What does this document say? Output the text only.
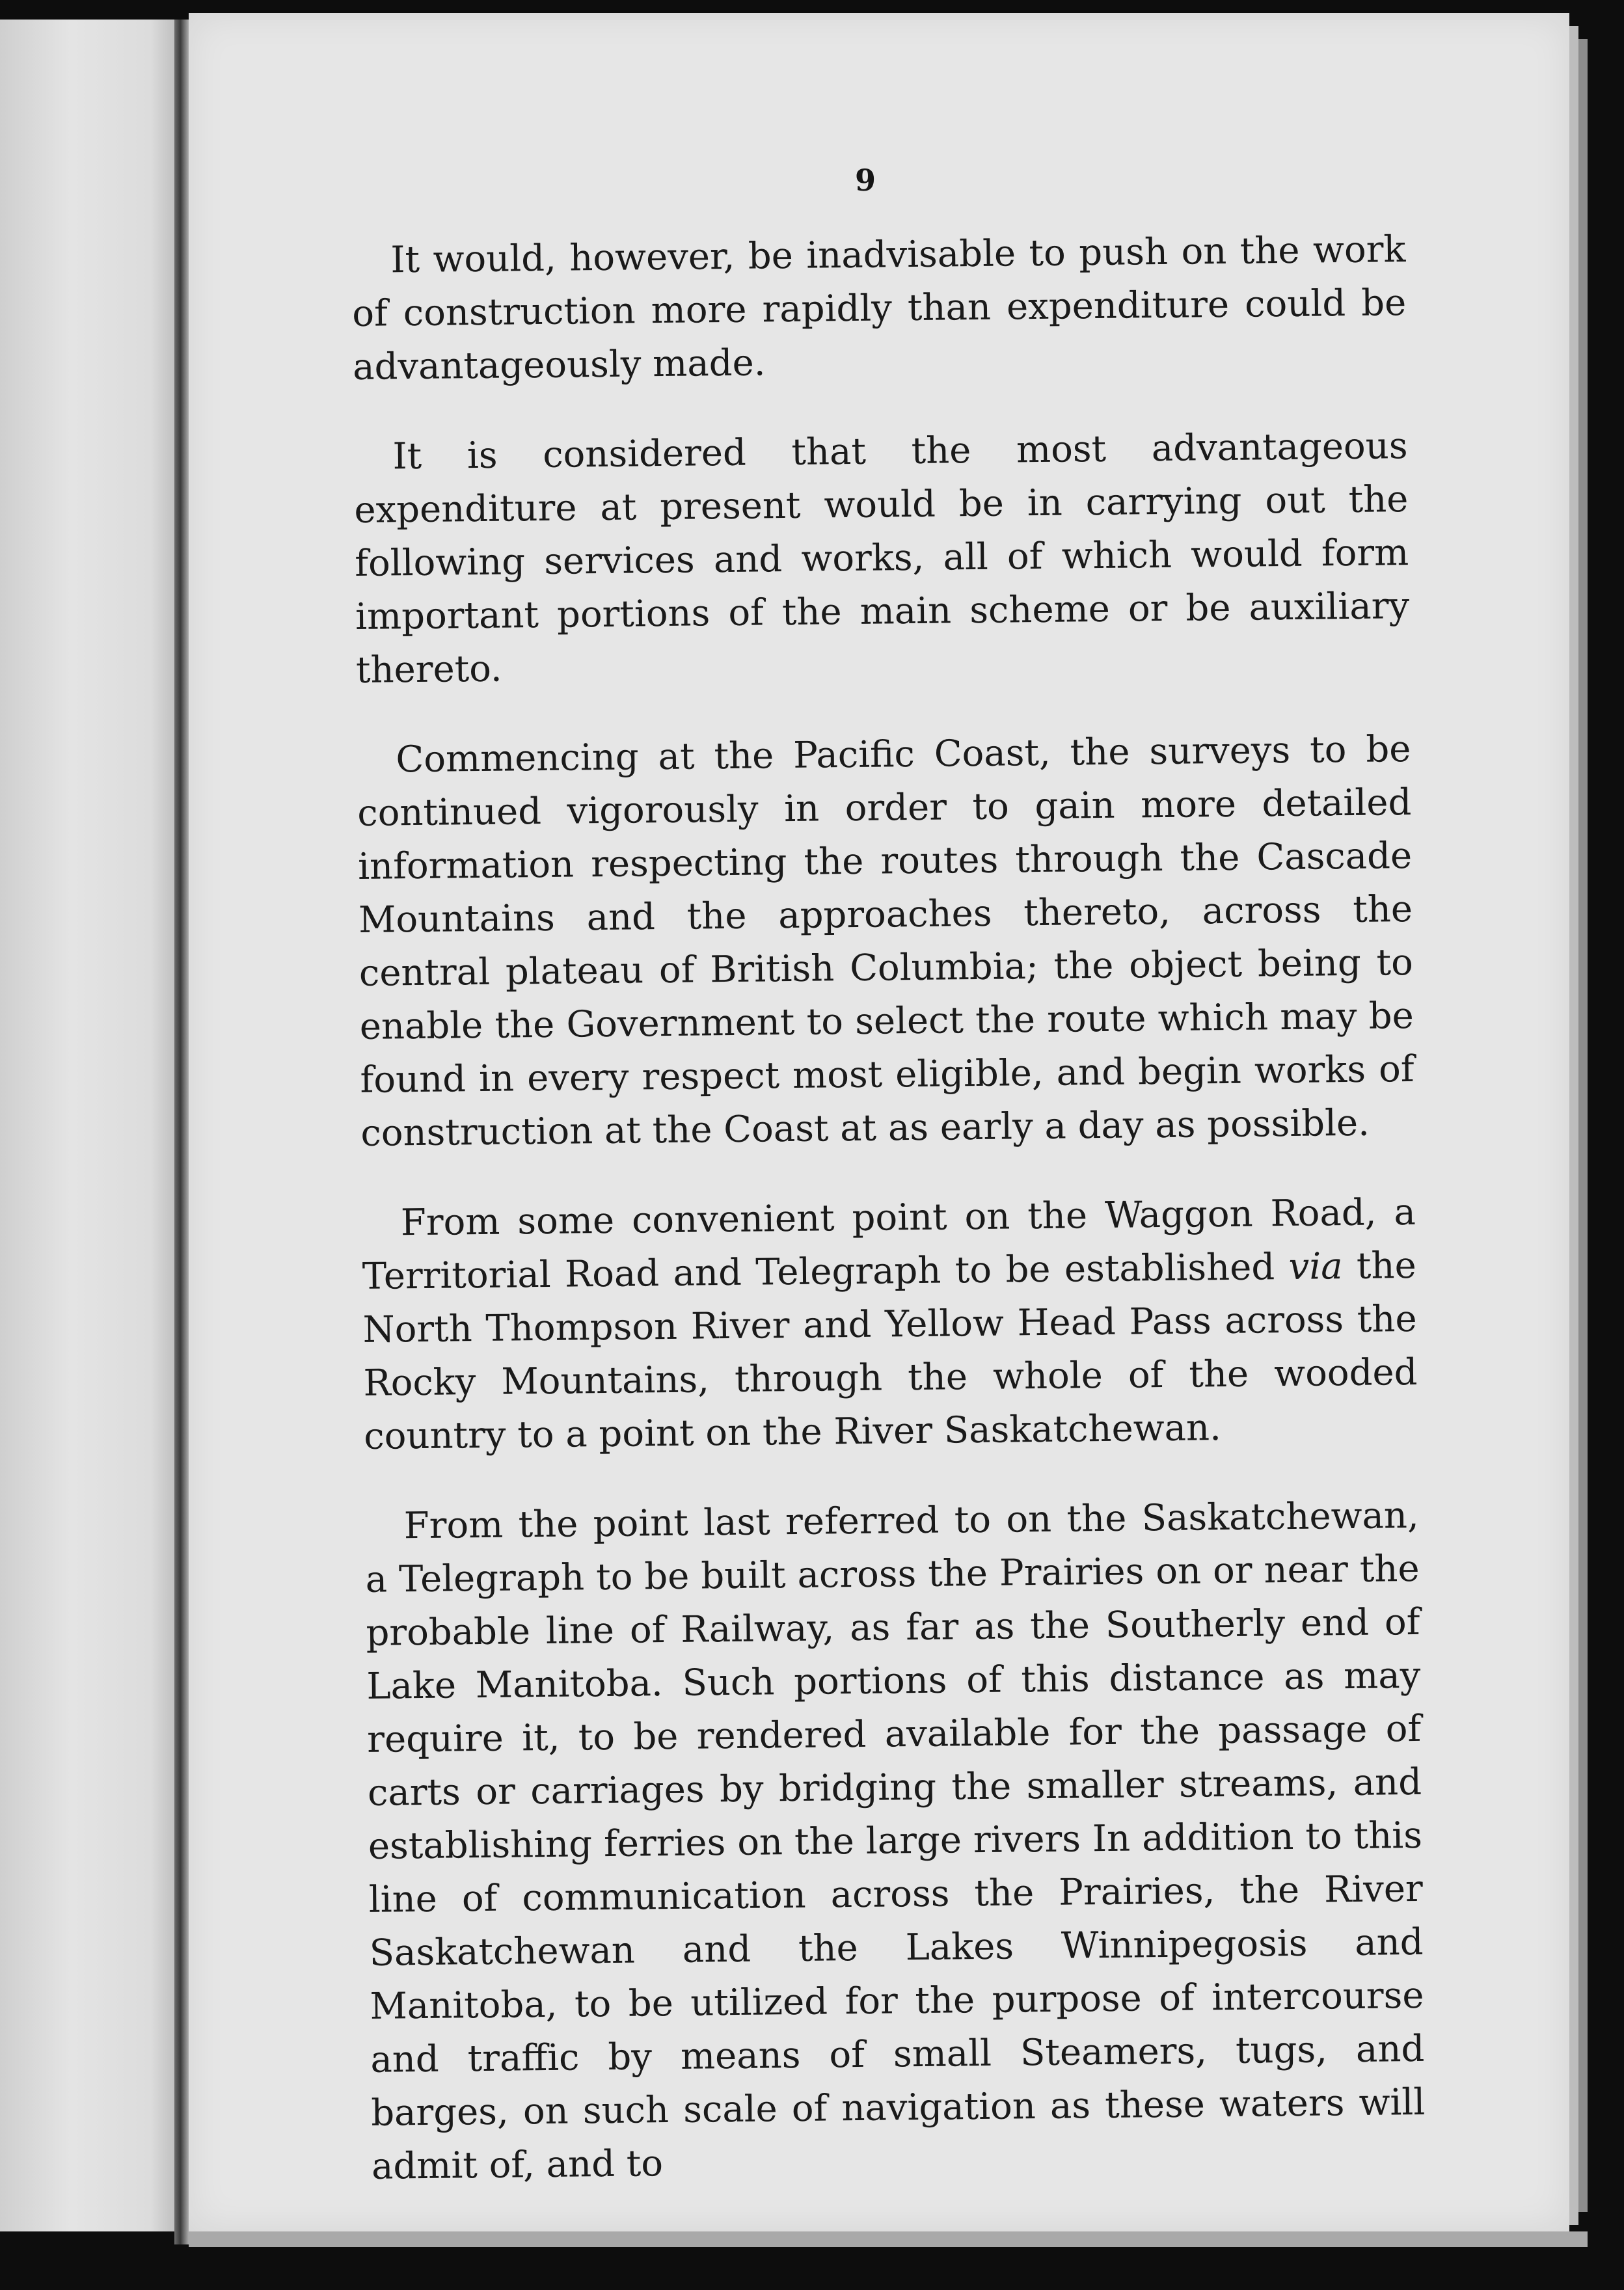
9

It would, however, be inadvisable to push on the work of construction more rapidly than expenditure could be advantageously made.

It is considered that the most advantageous expenditure at present would be in carrying out the following services and works, all of which would form important portions of the main scheme or be auxiliary thereto.

Commencing at the Pacific Coast, the surveys to be continued vigorously in order to gain more detailed information respecting the routes through the Cascade Mountains and the approaches thereto, across the central plateau of British Columbia; the object being to enable the Government to select the route which may be found in every respect most eligible, and begin works of construction at the Coast at as early a day as possible.

From some convenient point on the Waggon Road, a Territorial Road and Telegraph to be established via the North Thompson River and Yellow Head Pass across the Rocky Mountains, through the whole of the wooded country to a point on the River Saskatchewan.

From the point last referred to on the Saskatchewan, a Telegraph to be built across the Prairies on or near the probable line of Railway, as far as the Southerly end of Lake Manitoba. Such portions of this distance as may require it, to be rendered available for the passage of carts or carriages by bridging the smaller streams, and establishing ferries on the large rivers In addition to this line of communication across the Prairies, the River Saskatchewan and the Lakes Winnipegosis and Manitoba, to be utilized for the purpose of intercourse and traffic by means of small Steamers, tugs, and barges, on such scale of navigation as these waters will admit of, and to
